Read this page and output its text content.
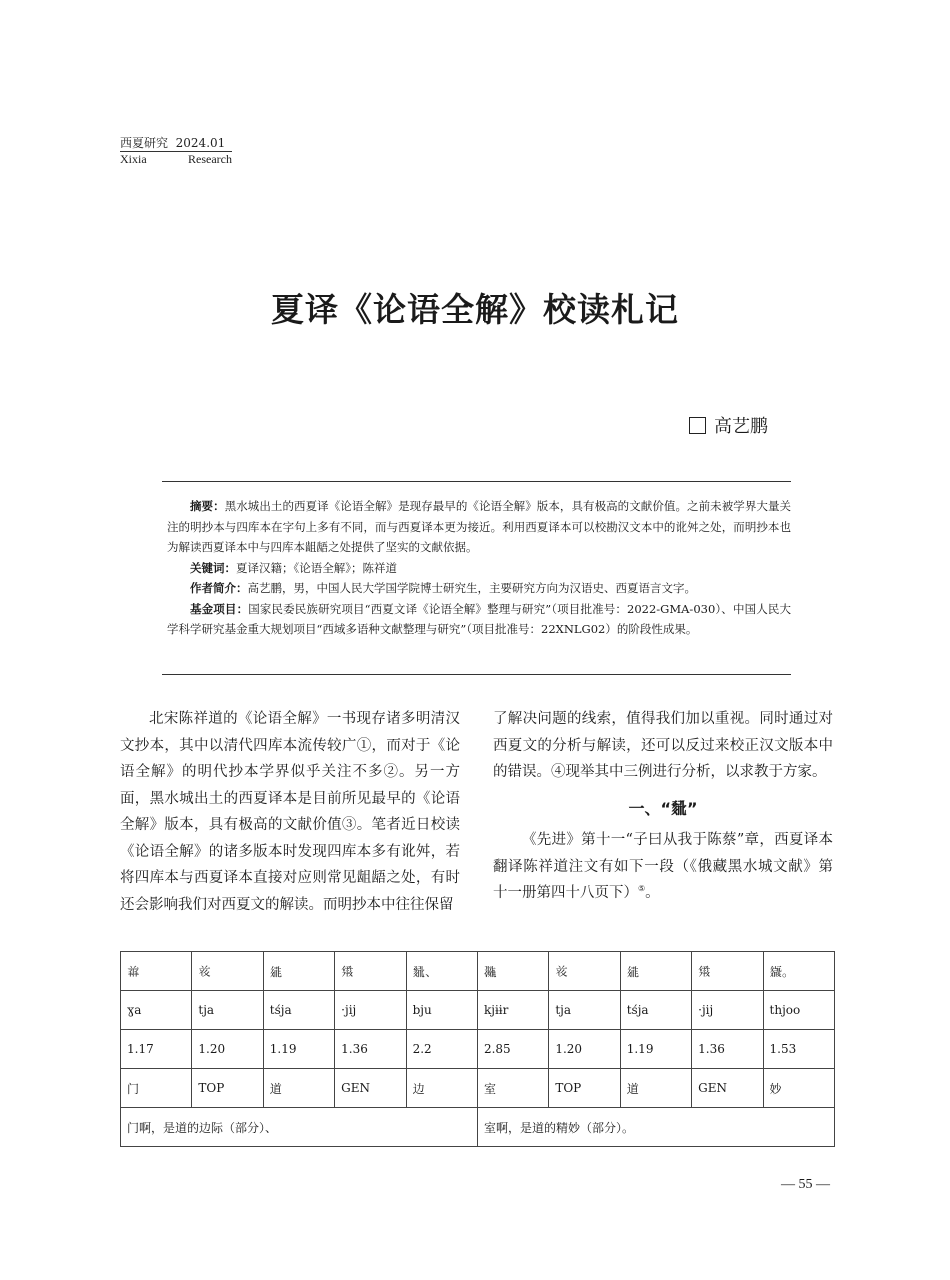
西夏研究 2024.01
Xixia	Research
夏译《论语全解》校读札记
高艺鹏

摘要：黑水城出土的西夏译《论语全解》是现存最早的《论语全解》版本，具有极高的文献价值。之前未被学界大量关注的明抄本与四库本在字句上多有不同，而与西夏译本更为接近。利用西夏译本可以校勘汉文本中的讹舛之处，而明抄本也为解读西夏译本中与四库本龃龉之处提供了坚实的文献依据。

关键词：夏译汉籍；《论语全解》；陈祥道

作者简介：高艺鹏，男，中国人民大学国学院博士研究生，主要研究方向为汉语史、西夏语言文字。

基金项目：国家民委民族研究项目“西夏文译《论语全解》整理与研究”（项目批准号：2022-GMA-030）、中国人民大学科学研究基金重大规划项目“西域多语种文献整理与研究”（项目批准号：22XNLG02）的阶段性成果。

北宋陈祥道的《论语全解》一书现存诸多明清汉文抄本，其中以清代四库本流传较广①，而对于《论语全解》的明代抄本学界似乎关注不多②。另一方面，黑水城出土的西夏译本是目前所见最早的《论语全解》版本，具有极高的文献价值③。笔者近日校读《论语全解》的诸多版本时发现四库本多有讹舛，若将四库本与西夏译本直接对应则常见龃龉之处，有时还会影响我们对西夏文的解读。而明抄本中往往保留

了解决问题的线索，值得我们加以重视。同时通过对西夏文的分析与解读，还可以反过来校正汉文版本中的错误。④现举其中三例进行分析，以求教于方家。

一、“𘙇”

《先进》第十一“子曰从我于陈蔡”章，西夏译本翻译陈祥道注文有如下一段（《俄藏黑水城文献》第十一册第四十八页下）⑤。

𗒐	𘝞	𗧓	𗋽	𘙇、	𗖵	𘝞	𗧓	𗋽	𗿼。
ɣa	tja	tśja	·jij	bju	kjɨɨr	tja	tśja	·jij	thjoo
1.17	1.20	1.19	1.36	2.2	2.85	1.20	1.19	1.36	1.53
门	TOP	道	GEN	边	室	TOP	道	GEN	妙
门啊，是道的边际（部分）、					室啊，是道的精妙（部分）。				
— 55 —
